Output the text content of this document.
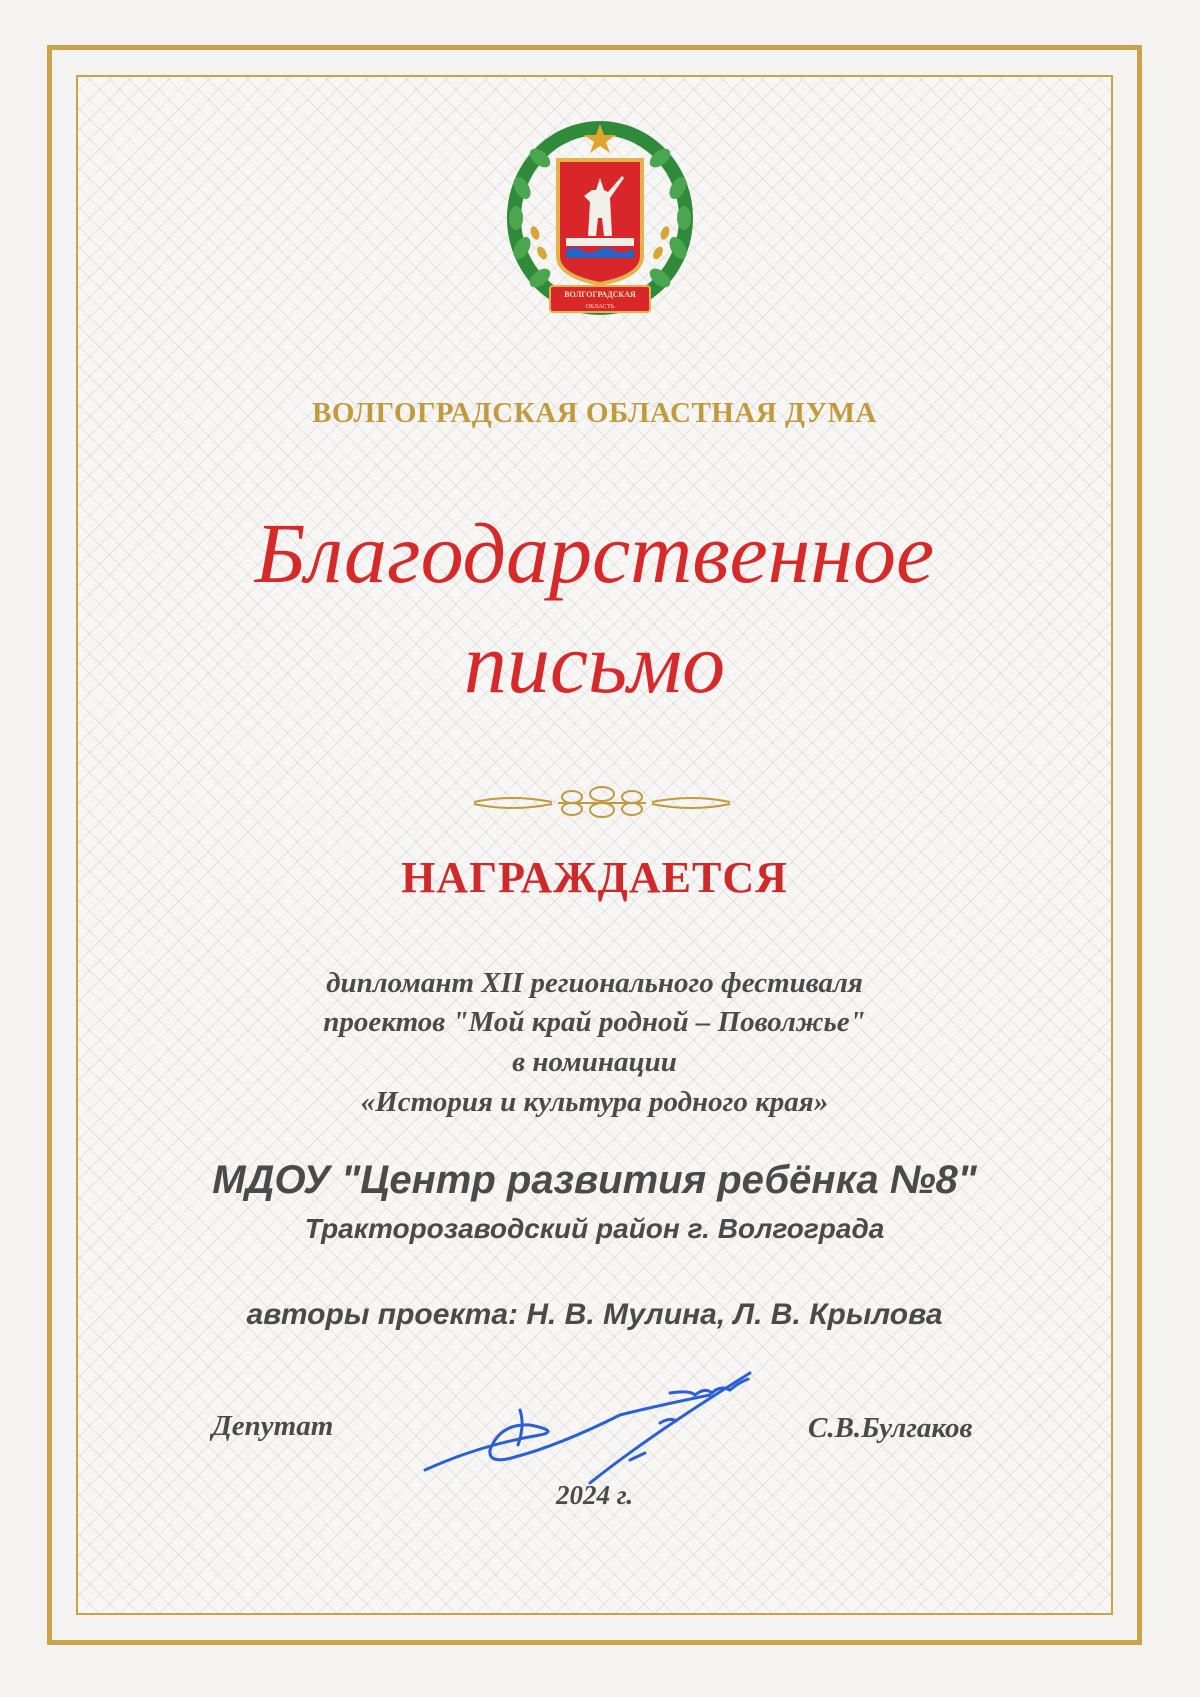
ВОЛГОГРАДСКАЯ
ОБЛАСТЬ
ВОЛГОГРАДСКАЯ ОБЛАСТНАЯ ДУМА
Благодарственное
письмо
НАГРАЖДАЕТСЯ
дипломант XII регионального фестиваля
проектов "Мой край родной – Поволжье"
в номинации
«История и культура родного края»
МДОУ "Центр развития ребёнка №8"
Тракторозаводский район г. Волгограда
авторы проекта: Н. В. Мулина, Л. В. Крылова
Депутат	С.В.Булгаков
2024 г.
